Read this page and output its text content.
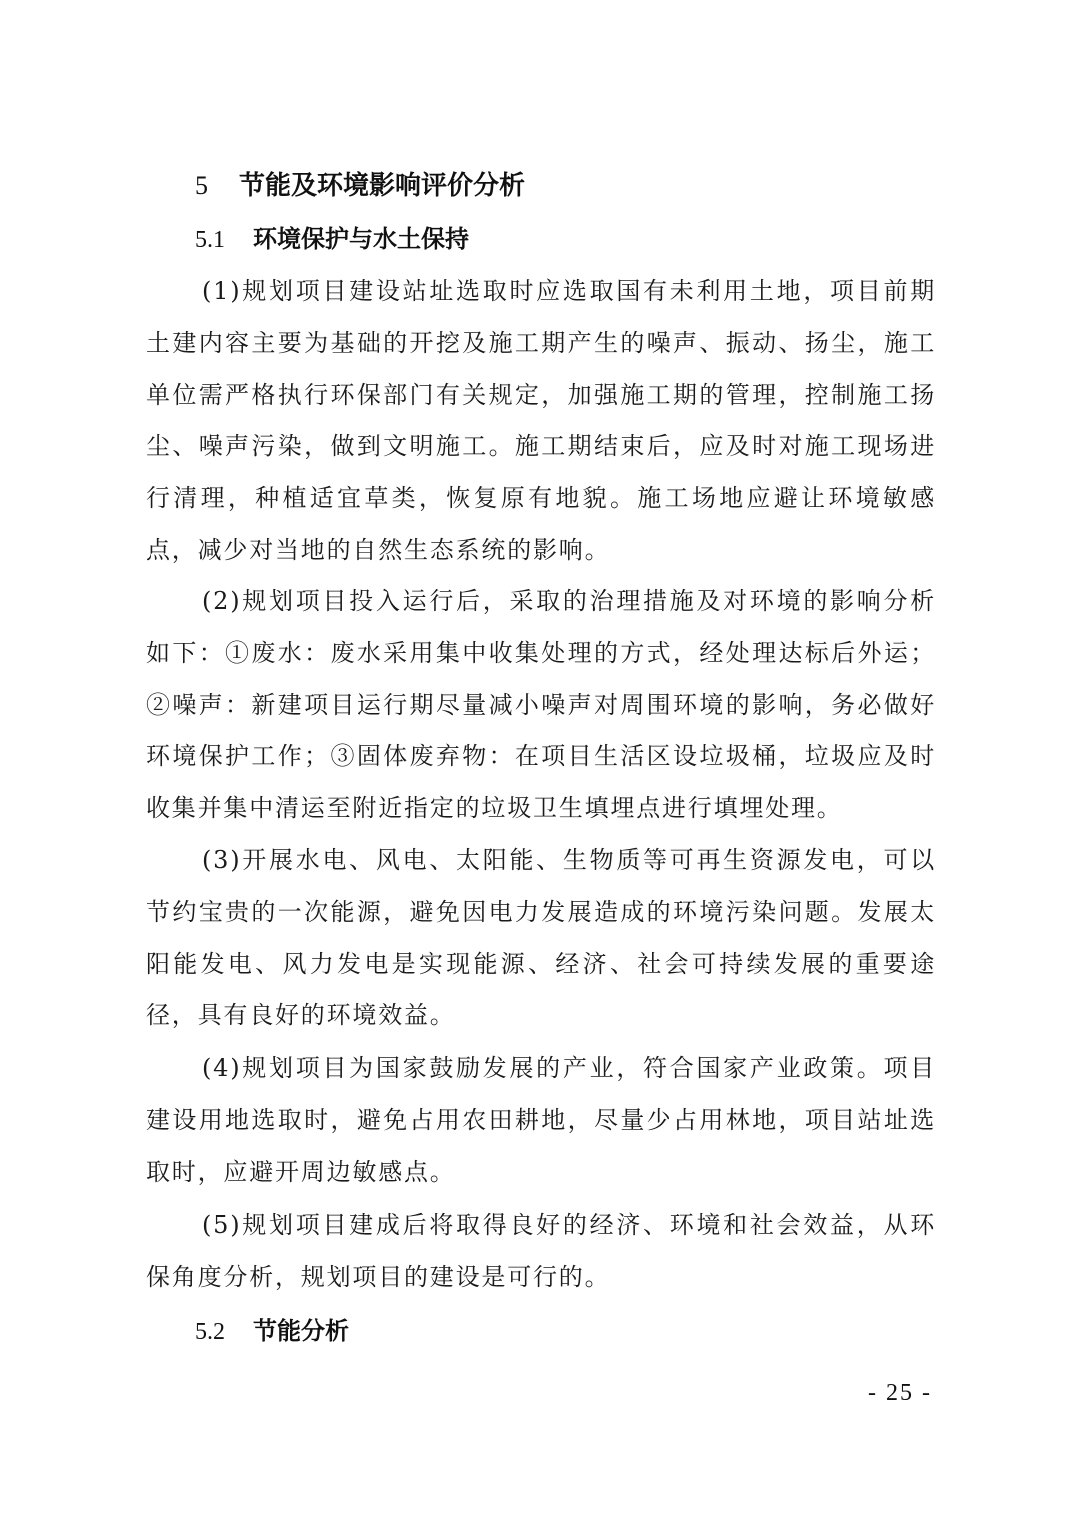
5 节能及环境影响评价分析
5.1 环境保护与水土保持

(1)规划项目建设站址选取时应选取国有未利用土地，项目前期土建内容主要为基础的开挖及施工期产生的噪声、振动、扬尘，施工单位需严格执行环保部门有关规定，加强施工期的管理，控制施工扬尘、噪声污染，做到文明施工。施工期结束后，应及时对施工现场进行清理，种植适宜草类，恢复原有地貌。施工场地应避让环境敏感点，减少对当地的自然生态系统的影响。

(2)规划项目投入运行后，采取的治理措施及对环境的影响分析如下：①废水：废水采用集中收集处理的方式，经处理达标后外运；②噪声：新建项目运行期尽量减小噪声对周围环境的影响，务必做好环境保护工作；③固体废弃物：在项目生活区设垃圾桶，垃圾应及时收集并集中清运至附近指定的垃圾卫生填埋点进行填埋处理。

(3)开展水电、风电、太阳能、生物质等可再生资源发电，可以节约宝贵的一次能源，避免因电力发展造成的环境污染问题。发展太阳能发电、风力发电是实现能源、经济、社会可持续发展的重要途径，具有良好的环境效益。

(4)规划项目为国家鼓励发展的产业，符合国家产业政策。项目建设用地选取时，避免占用农田耕地，尽量少占用林地，项目站址选取时，应避开周边敏感点。

(5)规划项目建成后将取得良好的经济、环境和社会效益，从环保角度分析，规划项目的建设是可行的。

5.2 节能分析
- 25 -
